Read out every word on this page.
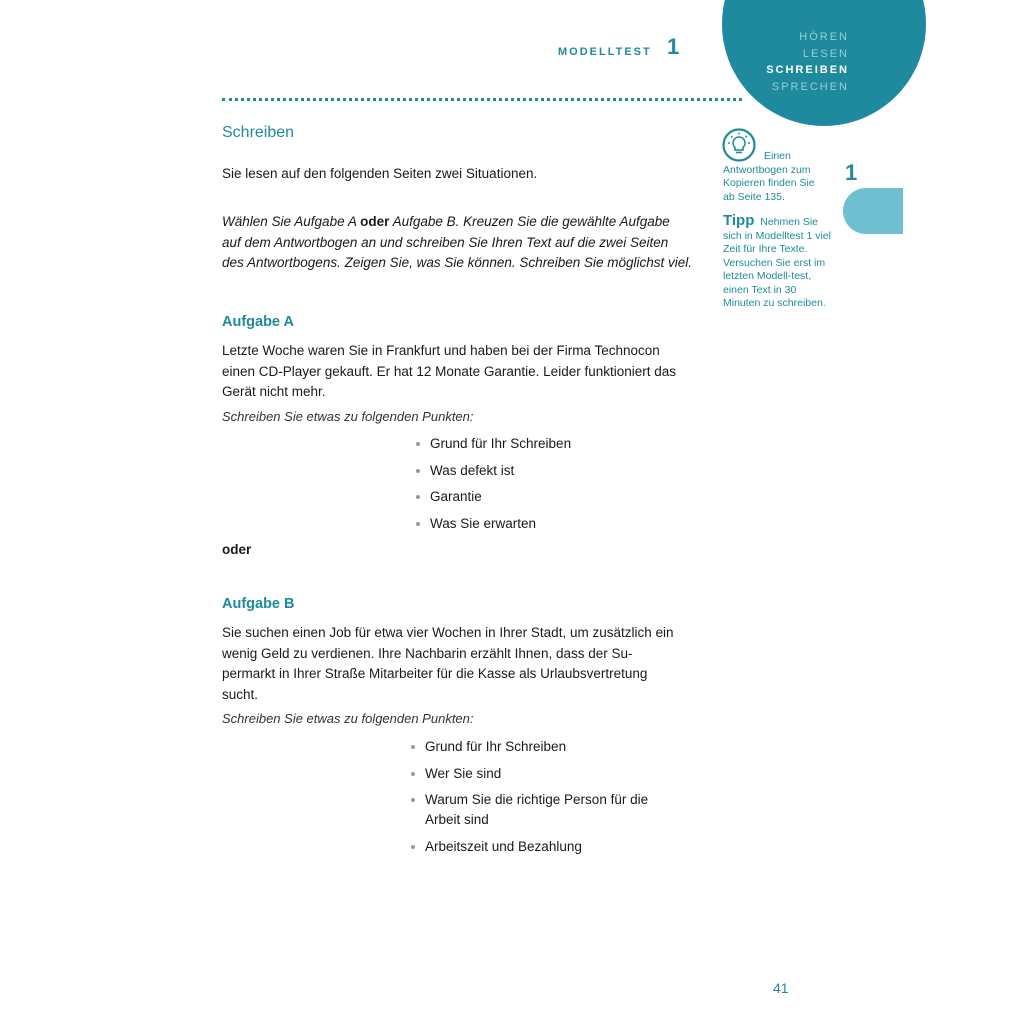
MODELLTEST 1	HÖREN
LESEN
SCHREIBEN
SPRECHEN
Einen Antwortbogen zum Kopieren finden Sie ab Seite 135.
Tipp Nehmen Sie sich in Modelltest 1 viel Zeit für Ihre Texte. Versuchen Sie erst im letzten Modell-test, einen Text in 30 Minuten zu schreiben.
1
Schreiben
Sie lesen auf den folgenden Seiten zwei Situationen.
Wählen Sie Aufgabe A oder Aufgabe B. Kreuzen Sie die gewählte Aufgabe auf dem Antwortbogen an und schreiben Sie Ihren Text auf die zwei Seiten des Antwortbogens. Zeigen Sie, was Sie können. Schreiben Sie möglichst viel.
Aufgabe A
Letzte Woche waren Sie in Frankfurt und haben bei der Firma Technocon einen CD-Player gekauft. Er hat 12 Monate Garantie. Leider funktioniert das Gerät nicht mehr.
Schreiben Sie etwas zu folgenden Punkten:
Grund für Ihr Schreiben
Was defekt ist
Garantie
Was Sie erwarten
oder
Aufgabe B
Sie suchen einen Job für etwa vier Wochen in Ihrer Stadt, um zusätzlich ein wenig Geld zu verdienen. Ihre Nachbarin erzählt Ihnen, dass der Su-permarkt in Ihrer Straße Mitarbeiter für die Kasse als Urlaubsvertretung sucht.
Schreiben Sie etwas zu folgenden Punkten:
Grund für Ihr Schreiben
Wer Sie sind
Warum Sie die richtige Person für die Arbeit sind
Arbeitszeit und Bezahlung
41
